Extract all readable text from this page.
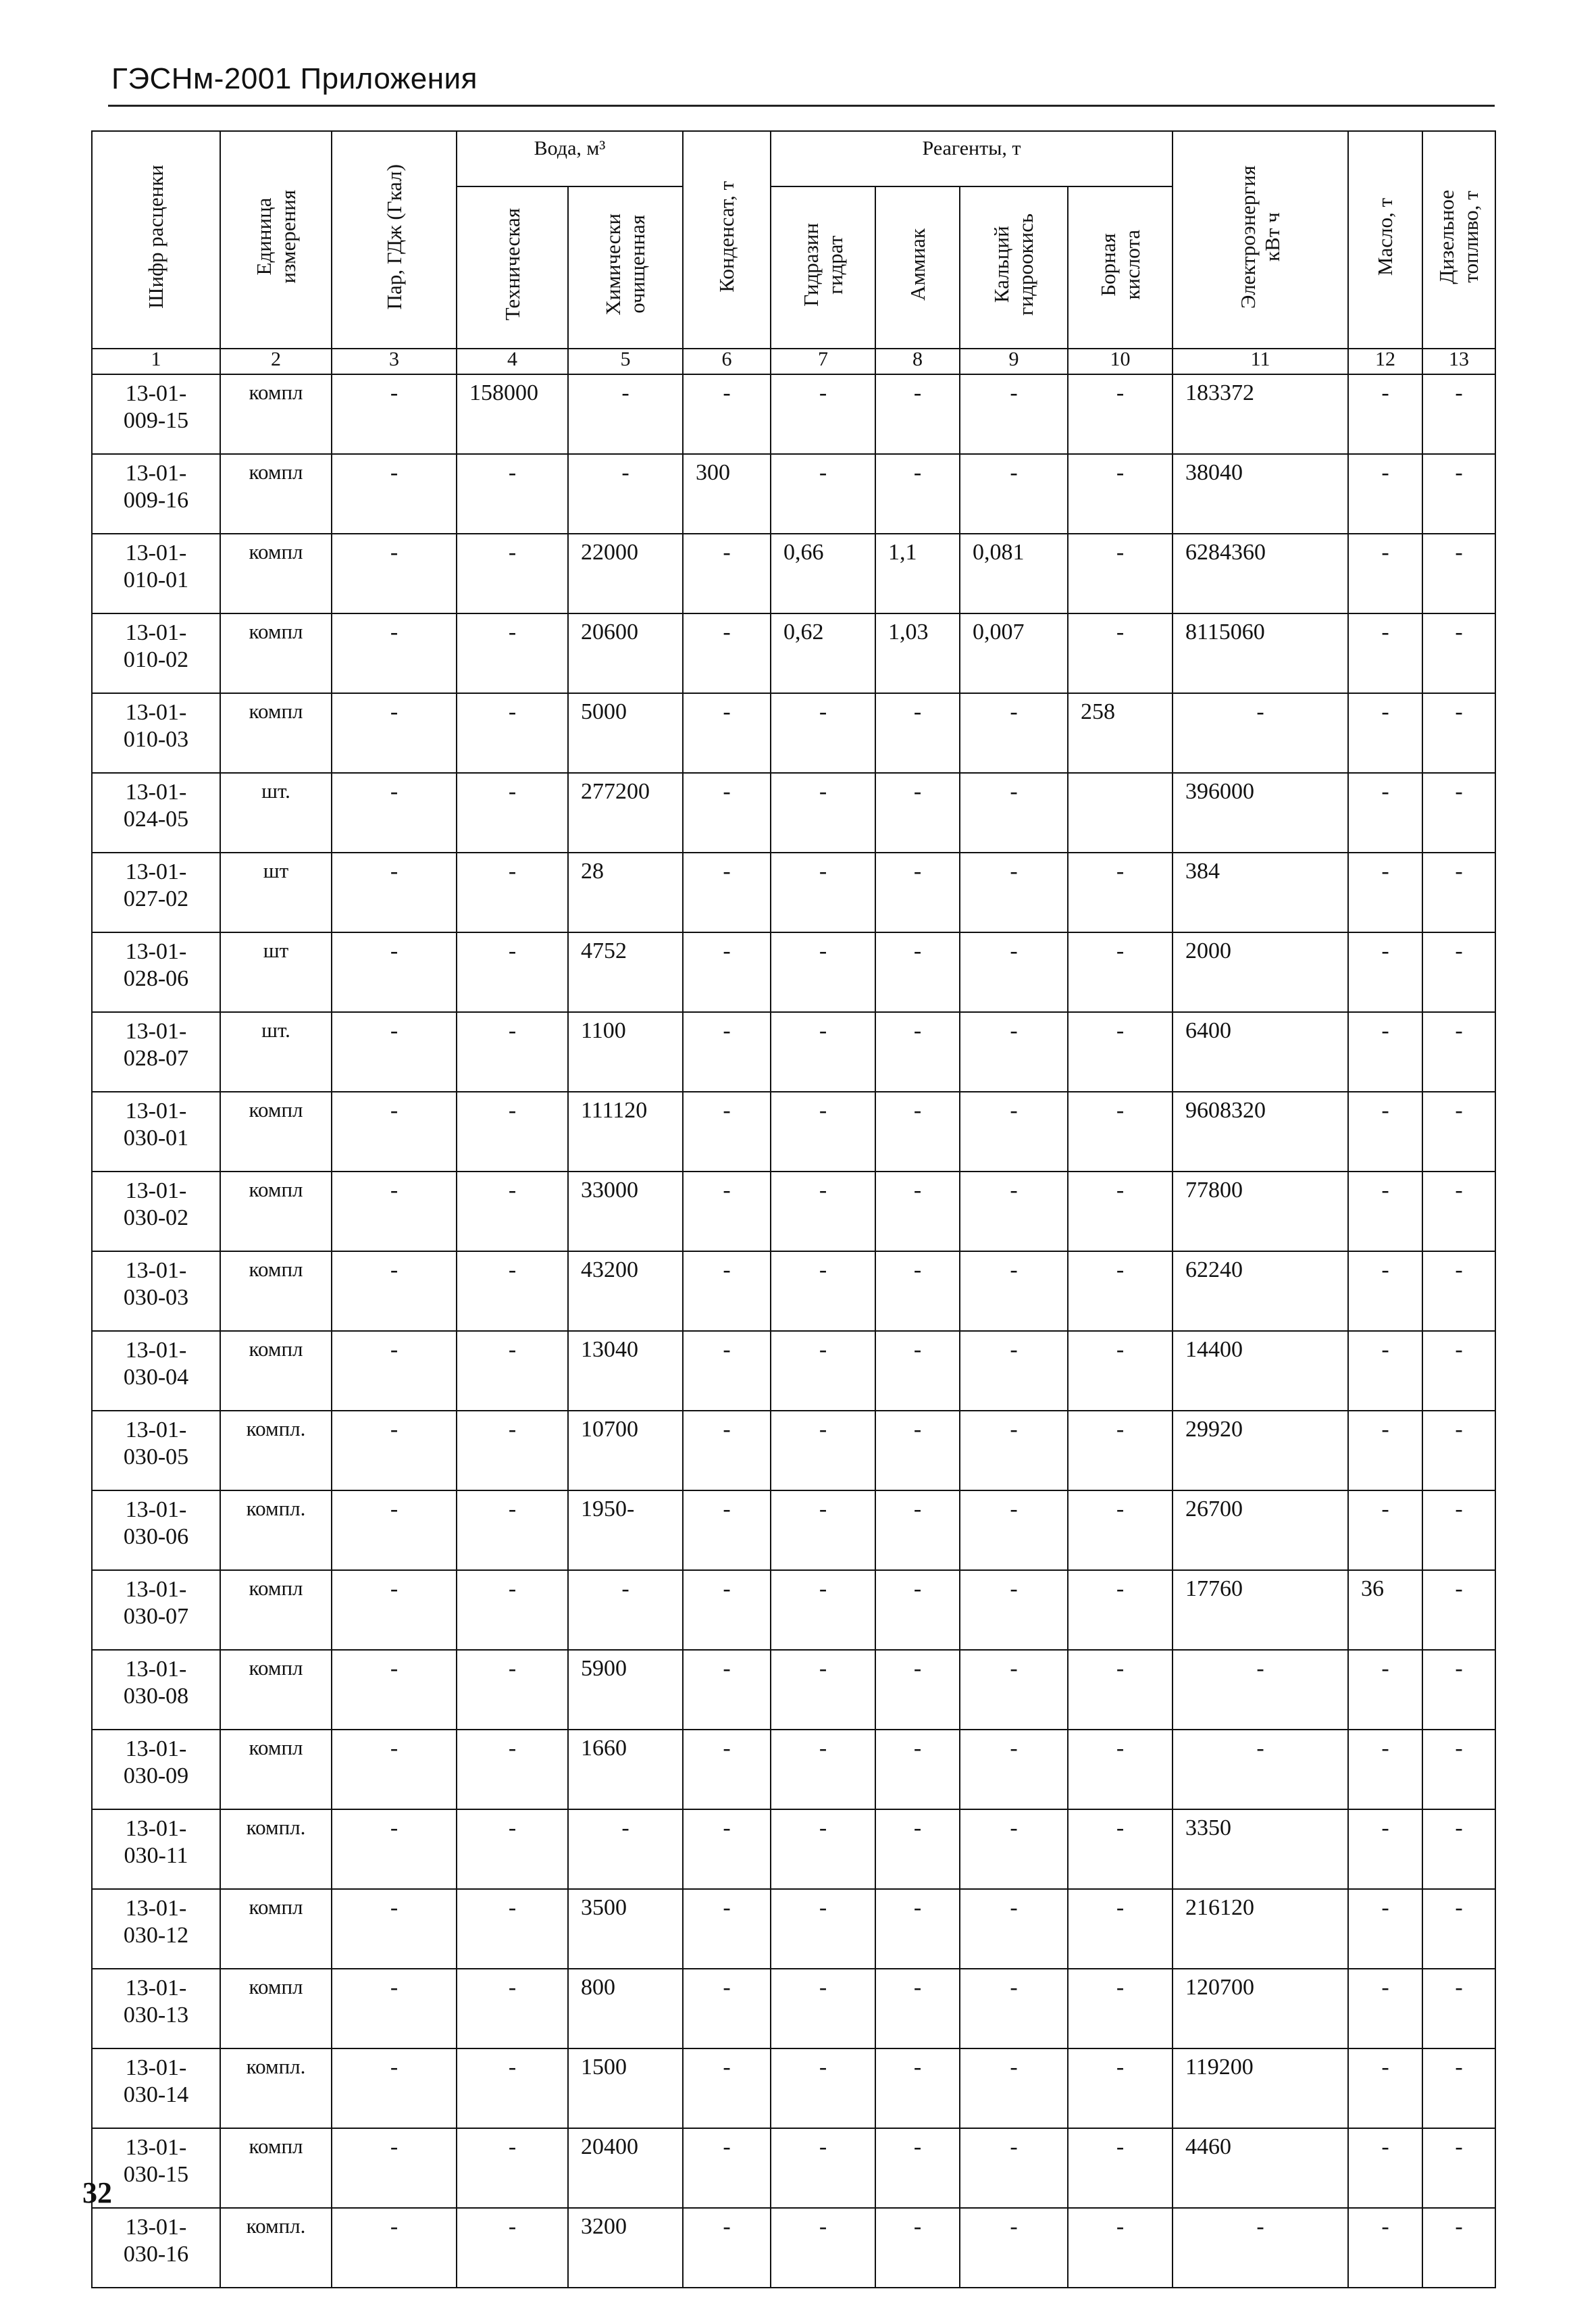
ГЭСНм-2001 Приложения
Шифр расценки	Единица
измерения	Пар, ГДж (Гкал)	Вода, м³		Конденсат, т	Реагенты, т				Электроэнергия
кВт ч	Масло, т	Дизельное
топливо, т
			Техническая	Химически
очищенная		Гидразин
гидрат	Аммиак	Кальций
гидроокись	Борная
кислота			
1	2	3	4	5	6	7	8	9	10	11	12	13
13-01-
009-15	компл	-	158000	-	-	-	-	-	-	183372	-	-
13-01-
009-16	компл	-	-	-	300	-	-	-	-	38040	-	-
13-01-
010-01	компл	-	-	22000	-	0,66	1,1	0,081	-	6284360	-	-
13-01-
010-02	компл	-	-	20600	-	0,62	1,03	0,007	-	8115060	-	-
13-01-
010-03	компл	-	-	5000	-	-	-	-	258	-	-	-
13-01-
024-05	шт.	-	-	277200	-	-	-	-		396000	-	-
13-01-
027-02	шт	-	-	28	-	-	-	-	-	384	-	-
13-01-
028-06	шт	-	-	4752	-	-	-	-	-	2000	-	-
13-01-
028-07	шт.	-	-	1100	-	-	-	-	-	6400	-	-
13-01-
030-01	компл	-	-	111120	-	-	-	-	-	9608320	-	-
13-01-
030-02	компл	-	-	33000	-	-	-	-	-	77800	-	-
13-01-
030-03	компл	-	-	43200	-	-	-	-	-	62240	-	-
13-01-
030-04	компл	-	-	13040	-	-	-	-	-	14400	-	-
13-01-
030-05	компл.	-	-	10700	-	-	-	-	-	29920	-	-
13-01-
030-06	компл.	-	-	1950-	-	-	-	-	-	26700	-	-
13-01-
030-07	компл	-	-	-	-	-	-	-	-	17760	36	-
13-01-
030-08	компл	-	-	5900	-	-	-	-	-	-	-	-
13-01-
030-09	компл	-	-	1660	-	-	-	-	-	-	-	-
13-01-
030-11	компл.	-	-	-	-	-	-	-	-	3350	-	-
13-01-
030-12	компл	-	-	3500	-	-	-	-	-	216120	-	-
13-01-
030-13	компл	-	-	800	-	-	-	-	-	120700	-	-
13-01-
030-14	компл.	-	-	1500	-	-	-	-	-	119200	-	-
13-01-
030-15	компл	-	-	20400	-	-	-	-	-	4460	-	-
13-01-
030-16	компл.	-	-	3200	-	-	-	-	-	-	-	-
32
